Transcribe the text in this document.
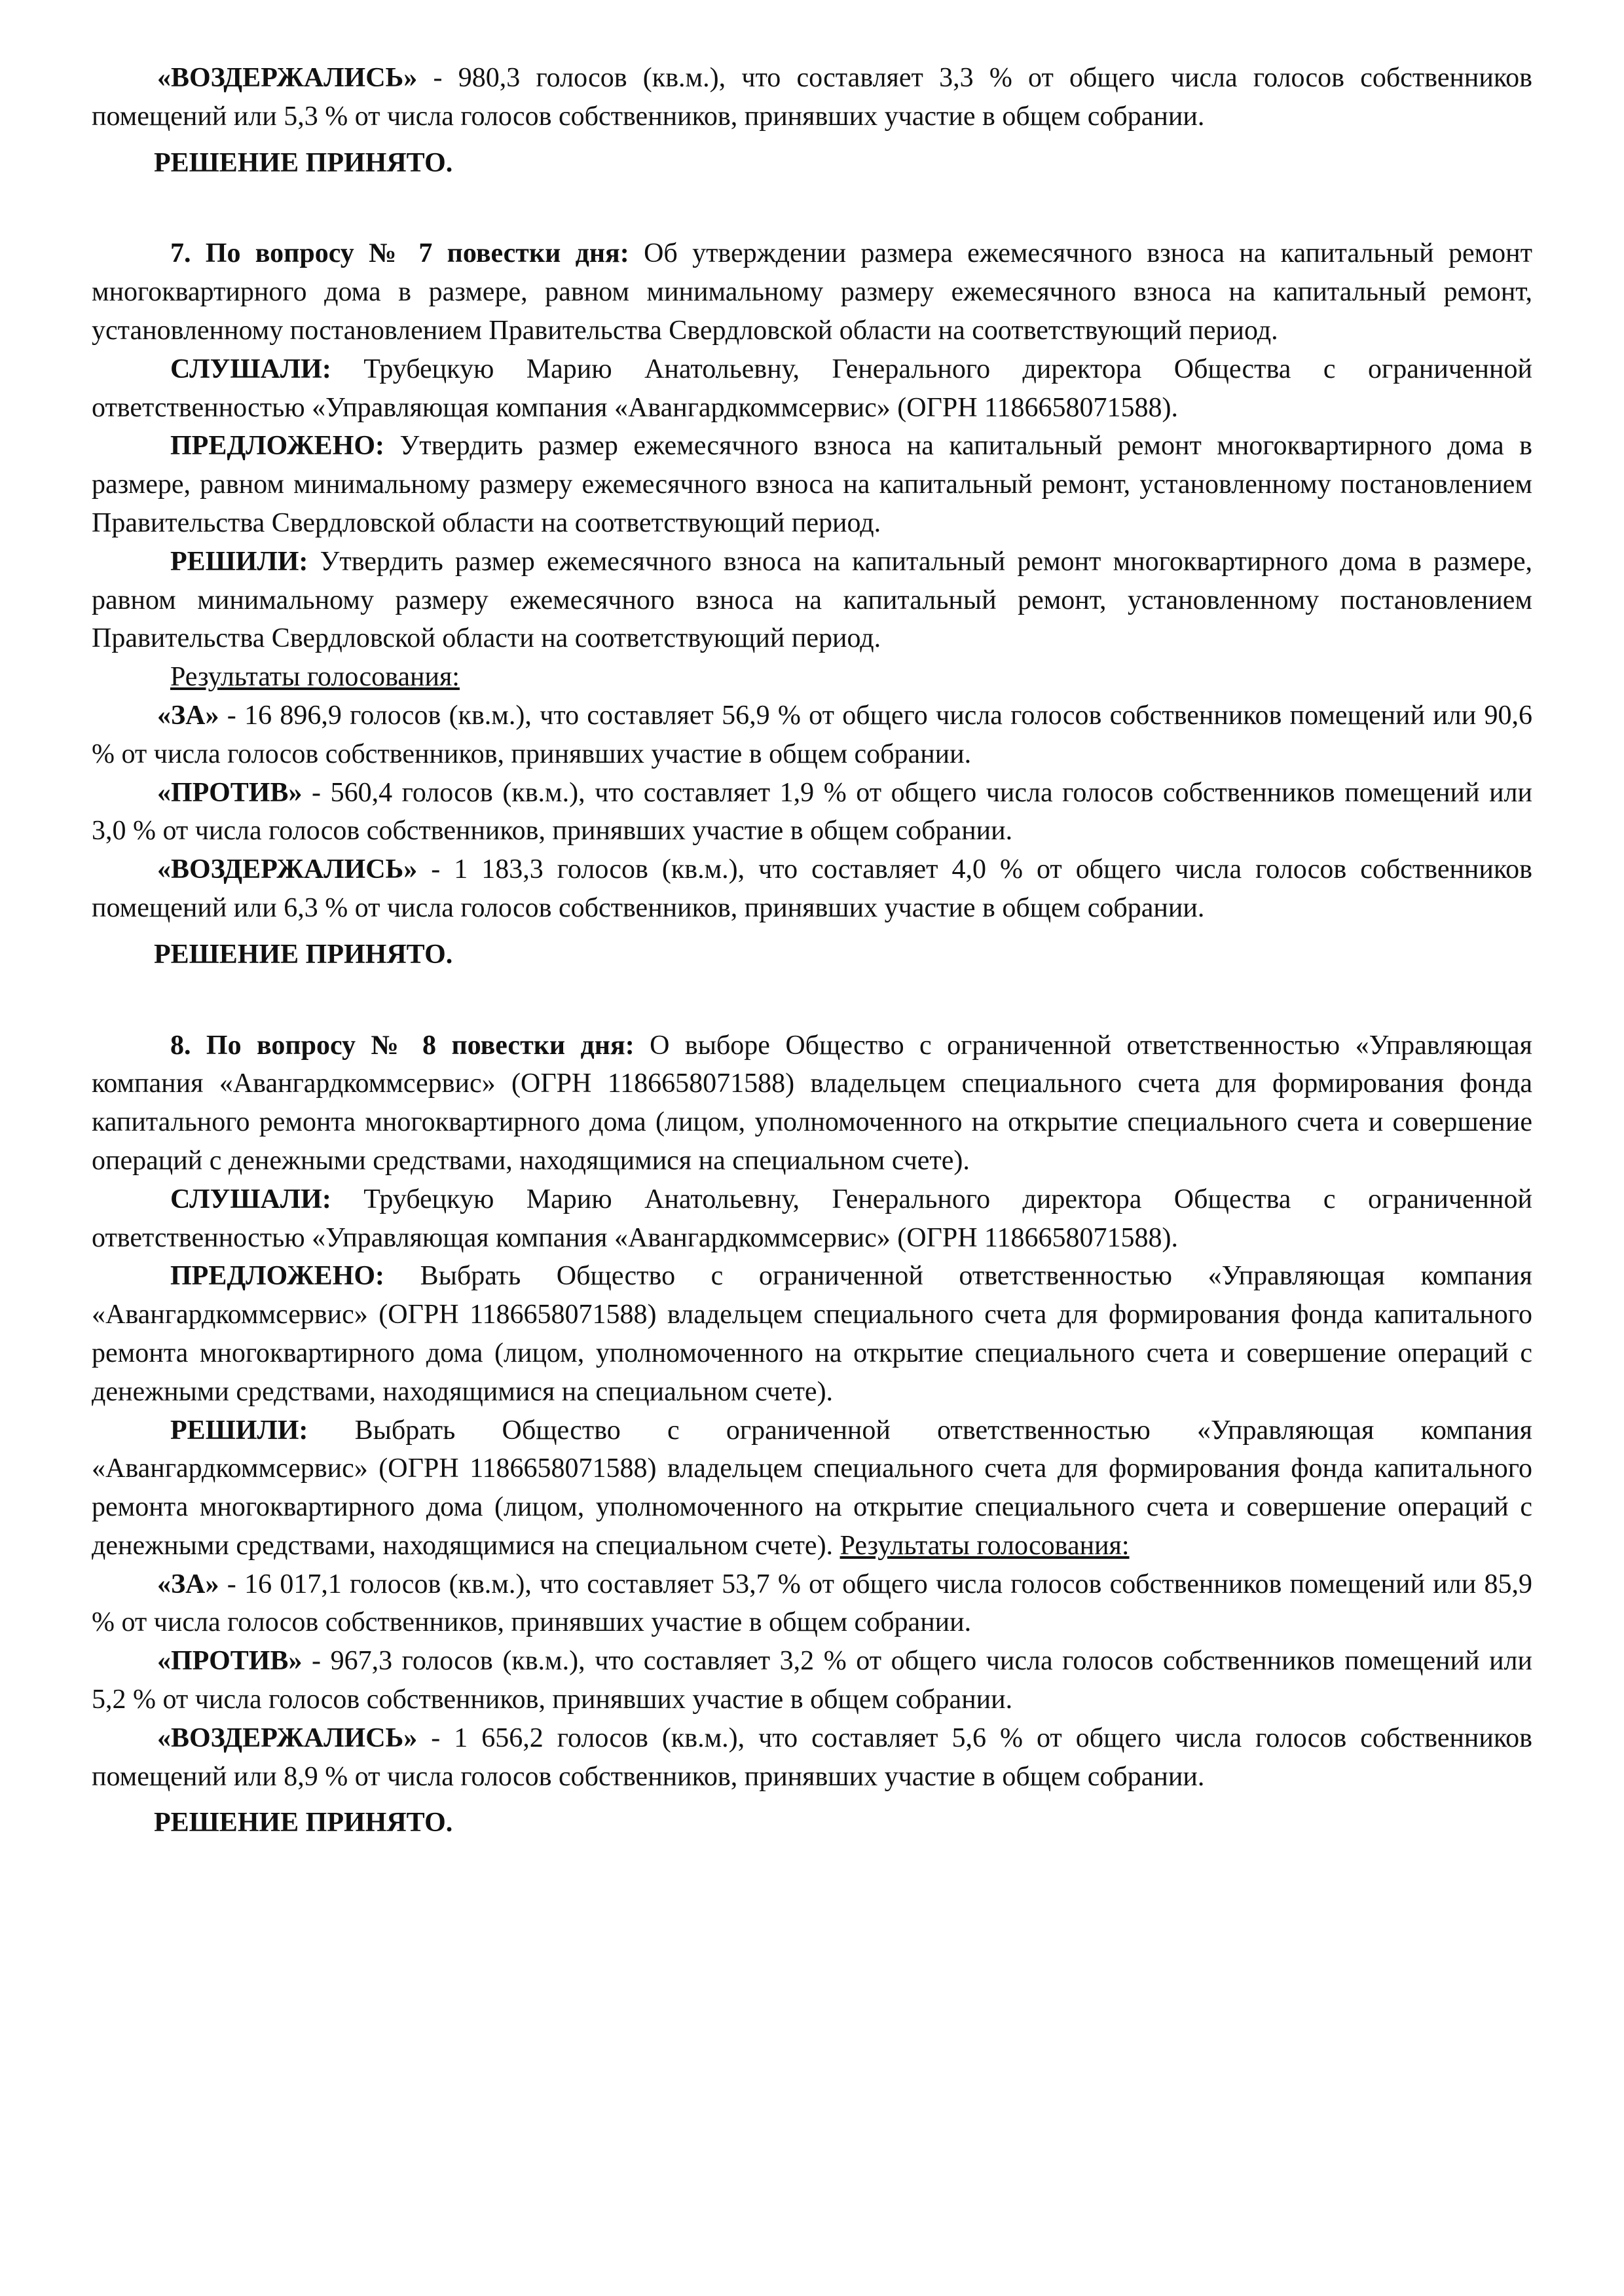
«ВОЗДЕРЖАЛИСЬ» - 980,3 голосов (кв.м.), что составляет 3,3 % от общего числа голосов собственников помещений или 5,3 % от числа голосов собственников, принявших участие в общем собрании.

РЕШЕНИЕ ПРИНЯТО.

7. По вопросу № 7 повестки дня: Об утверждении размера ежемесячного взноса на капитальный ремонт многоквартирного дома в размере, равном минимальному размеру ежемесячного взноса на капитальный ремонт, установленному постановлением Правительства Свердловской области на соответствующий период.

СЛУШАЛИ: Трубецкую Марию Анатольевну, Генерального директора Общества с ограниченной ответственностью «Управляющая компания «Авангардкоммсервис» (ОГРН 1186658071588).

ПРЕДЛОЖЕНО: Утвердить размер ежемесячного взноса на капитальный ремонт многоквартирного дома в размере, равном минимальному размеру ежемесячного взноса на капитальный ремонт, установленному постановлением Правительства Свердловской области на соответствующий период.

РЕШИЛИ: Утвердить размер ежемесячного взноса на капитальный ремонт многоквартирного дома в размере, равном минимальному размеру ежемесячного взноса на капитальный ремонт, установленному постановлением Правительства Свердловской области на соответствующий период.

Результаты голосования:

«ЗА» - 16 896,9 голосов (кв.м.), что составляет 56,9 % от общего числа голосов собственников помещений или 90,6 % от числа голосов собственников, принявших участие в общем собрании.

«ПРОТИВ» - 560,4 голосов (кв.м.), что составляет 1,9 % от общего числа голосов собственников помещений или 3,0 % от числа голосов собственников, принявших участие в общем собрании.

«ВОЗДЕРЖАЛИСЬ» - 1 183,3 голосов (кв.м.), что составляет 4,0 % от общего числа голосов собственников помещений или 6,3 % от числа голосов собственников, принявших участие в общем собрании.

РЕШЕНИЕ ПРИНЯТО.

8. По вопросу № 8 повестки дня: О выборе Общество с ограниченной ответственностью «Управляющая компания «Авангардкоммсервис» (ОГРН 1186658071588) владельцем специального счета для формирования фонда капитального ремонта многоквартирного дома (лицом, уполномоченного на открытие специального счета и совершение операций с денежными средствами, находящимися на специальном счете).

СЛУШАЛИ: Трубецкую Марию Анатольевну, Генерального директора Общества с ограниченной ответственностью «Управляющая компания «Авангардкоммсервис» (ОГРН 1186658071588).

ПРЕДЛОЖЕНО: Выбрать Общество с ограниченной ответственностью «Управляющая компания «Авангардкоммсервис» (ОГРН 1186658071588) владельцем специального счета для формирования фонда капитального ремонта многоквартирного дома (лицом, уполномоченного на открытие специального счета и совершение операций с денежными средствами, находящимися на специальном счете).

РЕШИЛИ: Выбрать Общество с ограниченной ответственностью «Управляющая компания «Авангардкоммсервис» (ОГРН 1186658071588) владельцем специального счета для формирования фонда капитального ремонта многоквартирного дома (лицом, уполномоченного на открытие специального счета и совершение операций с денежными средствами, находящимися на специальном счете). Результаты голосования:

«ЗА» - 16 017,1 голосов (кв.м.), что составляет 53,7 % от общего числа голосов собственников помещений или 85,9 % от числа голосов собственников, принявших участие в общем собрании.

«ПРОТИВ» - 967,3 голосов (кв.м.), что составляет 3,2 % от общего числа голосов собственников помещений или 5,2 % от числа голосов собственников, принявших участие в общем собрании.

«ВОЗДЕРЖАЛИСЬ» - 1 656,2 голосов (кв.м.), что составляет 5,6 % от общего числа голосов собственников помещений или 8,9 % от числа голосов собственников, принявших участие в общем собрании.

РЕШЕНИЕ ПРИНЯТО.
